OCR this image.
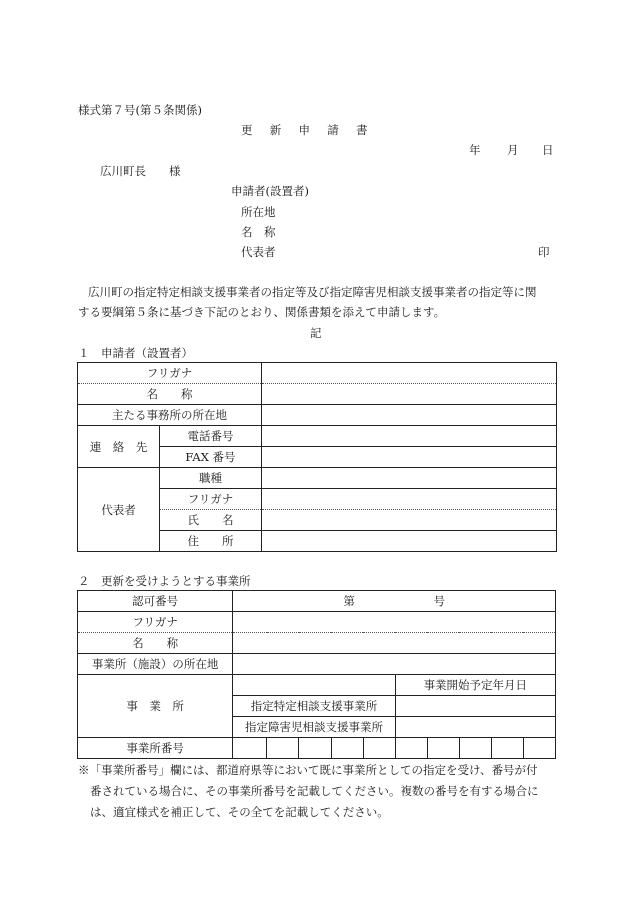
様式第７号(第５条関係)
更　新　申　請　書
年 月 日
広川町長　　様
申請者(設置者)
所在地
名　称
代表者	印
広川町の指定特定相談支援事業者の指定等及び指定障害児相談支援事業者の指定等に関
する要綱第５条に基づき下記のとおり、関係書類を添えて申請します。
記
１　申請者（設置者）
フリガナ		
名　　称		
主たる事務所の所在地		
連　絡　先	電話番号	
	FAX 番号	
代表者	職種	
	フリガナ	
	氏　　名	
	住　　所	
２　更新を受けようとする事業所
認可番号	第 号									
フリガナ										
名　　称										
事業所（施設）の所在地										
事　業　所						事業開始予定年月日				
	指定特定相談支援事業所									
	指定障害児相談支援事業所									
事業所番号										
※「事業所番号」欄には、都道府県等において既に事業所としての指定を受け、番号が付
番されている場合に、その事業所番号を記載してください。複数の番号を有する場合に
は、適宜様式を補正して、その全てを記載してください。
